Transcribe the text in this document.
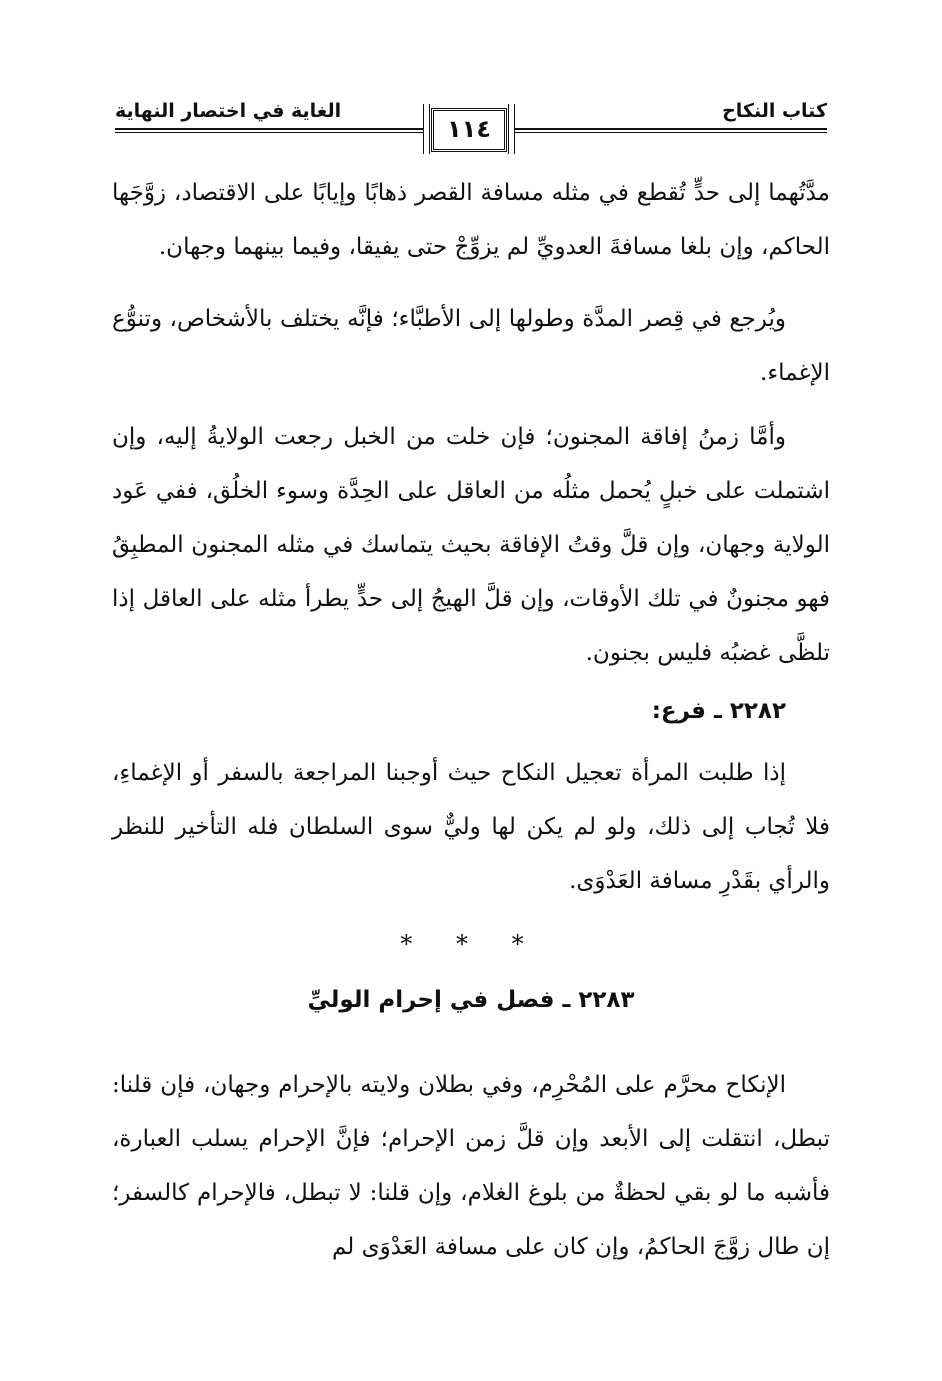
كتاب النكاح
الغاية في اختصار النهاية
١١٤

مدَّتُهما إلى حدٍّ تُقطع في مثله مسافة القصر ذهابًا وإيابًا على الاقتصاد، زوَّجَها الحاكم، وإن بلغا مسافةَ العدويِّ لم يزوِّجْ حتى يفيقا، وفيما بينهما وجهان.

ويُرجع في قِصر المدَّة وطولها إلى الأطبَّاء؛ فإنَّه يختلف بالأشخاص، وتنوُّع الإغماء.

وأمَّا زمنُ إفاقة المجنون؛ فإن خلت من الخبل رجعت الولايةُ إليه، وإن اشتملت على خبلٍ يُحمل مثلُه من العاقل على الحِدَّة وسوء الخلُق، ففي عَود الولاية وجهان، وإن قلَّ وقتُ الإفاقة بحيث يتماسك في مثله المجنون المطبِقُ فهو مجنونٌ في تلك الأوقات، وإن قلَّ الهيجُ إلى حدٍّ يطرأ مثله على العاقل إذا تلظَّى غضبُه فليس بجنون.

٢٢٨٢ ـ فرع:

إذا طلبت المرأة تعجيل النكاح حيث أوجبنا المراجعة بالسفر أو الإغماءِ، فلا تُجاب إلى ذلك، ولو لم يكن لها وليٌّ سوى السلطان فله التأخير للنظر والرأي بقَدْرِ مسافة العَدْوَى.

* * *
٢٢٨٣ ـ فصل في إحرام الوليِّ

الإنكاح محرَّم على المُحْرِم، وفي بطلان ولايته بالإحرام وجهان، فإن قلنا: تبطل، انتقلت إلى الأبعد وإن قلَّ زمن الإحرام؛ فإنَّ الإحرام يسلب العبارة، فأشبه ما لو بقي لحظةٌ من بلوغ الغلام، وإن قلنا: لا تبطل، فالإحرام كالسفر؛ إن طال زوَّجَ الحاكمُ، وإن كان على مسافة العَدْوَى لم
